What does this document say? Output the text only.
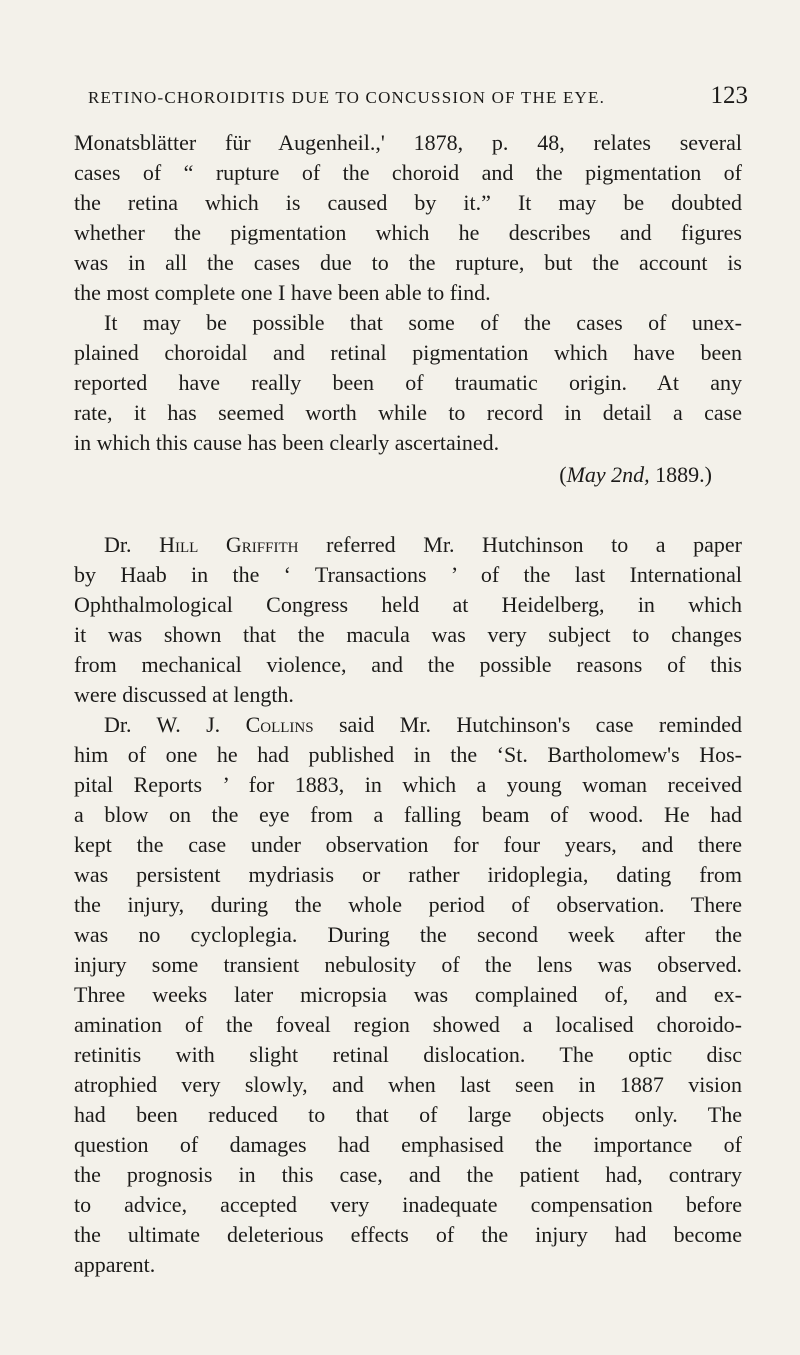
RETINO-CHOROIDITIS DUE TO CONCUSSION OF THE EYE.	123
Monatsblätter für Augenheil.,' 1878, p. 48, relates several
cases of “ rupture of the choroid and the pigmentation of
the retina which is caused by it.” It may be doubted
whether the pigmentation which he describes and figures
was in all the cases due to the rupture, but the account is
the most complete one I have been able to find.
It may be possible that some of the cases of unex-
plained choroidal and retinal pigmentation which have been
reported have really been of traumatic origin. At any
rate, it has seemed worth while to record in detail a case
in which this cause has been clearly ascertained.
(May 2nd, 1889.)
Dr. Hill Griffith referred Mr. Hutchinson to a paper
by Haab in the ‘ Transactions ’ of the last International
Ophthalmological Congress held at Heidelberg, in which
it was shown that the macula was very subject to changes
from mechanical violence, and the possible reasons of this
were discussed at length.
Dr. W. J. Collins said Mr. Hutchinson's case reminded
him of one he had published in the ‘St. Bartholomew's Hos-
pital Reports ’ for 1883, in which a young woman received
a blow on the eye from a falling beam of wood. He had
kept the case under observation for four years, and there
was persistent mydriasis or rather iridoplegia, dating from
the injury, during the whole period of observation. There
was no cycloplegia. During the second week after the
injury some transient nebulosity of the lens was observed.
Three weeks later micropsia was complained of, and ex-
amination of the foveal region showed a localised choroido-
retinitis with slight retinal dislocation. The optic disc
atrophied very slowly, and when last seen in 1887 vision
had been reduced to that of large objects only. The
question of damages had emphasised the importance of
the prognosis in this case, and the patient had, contrary
to advice, accepted very inadequate compensation before
the ultimate deleterious effects of the injury had become
apparent.
